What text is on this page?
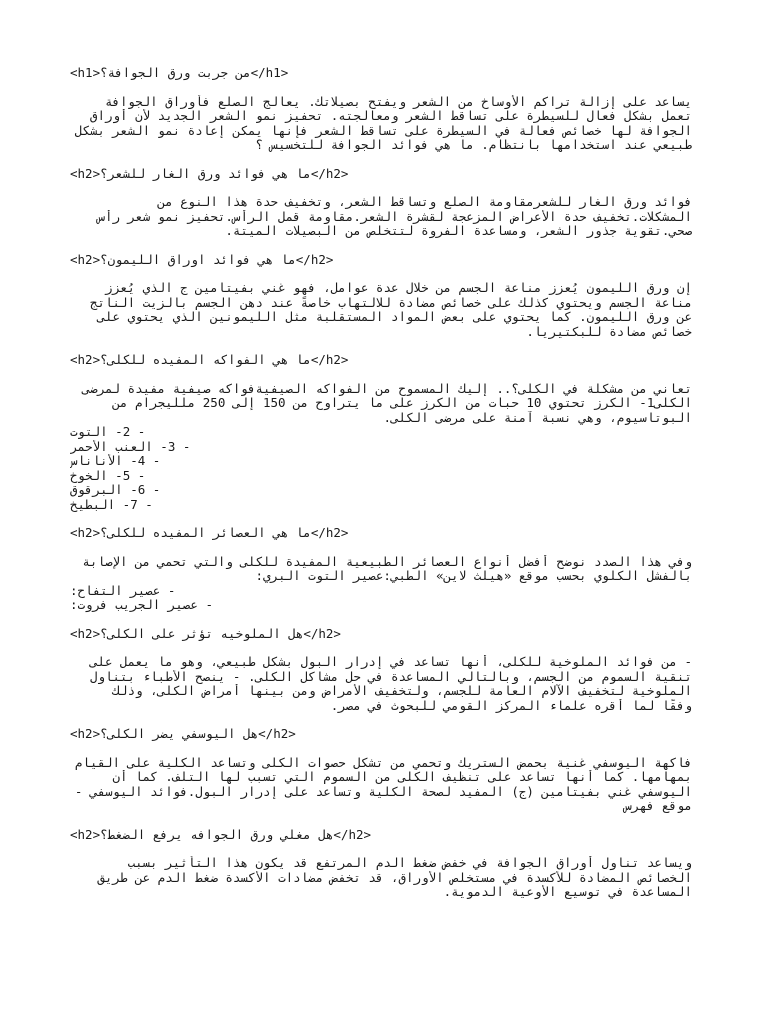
<h1>من جربت ورق الجوافة؟</h1>
يساعد على إزالة تراكم الأوساخ من الشعر ويفتح بصيلاتك. يعالج الصلع فأوراق الجوافة
تعمل بشكل فعال للسيطرة على تساقط الشعر ومعالجته. تحفيز نمو الشعر الجديد لأن أوراق
الجوافة لها خصائص فعالة في السيطرة على تساقط الشعر فإنها يمكن إعادة نمو الشعر بشكل
طبيعي عند استخدامها بانتظام. ما هي فوائد الجوافة للتخسيس ؟
<h2>ما هي فوائد ورق الغار للشعر؟</h2>
فوائد ورق الغار للشعرمقاومة الصلع وتساقط الشعر، وتخفيف حدة هذا النوع من
المشكلات.تخفيف حدة الأعراض المزعجة لقشرة الشعر.مقاومة قمل الرأس.تحفيز نمو شعر رأس
صحي.تقوية جذور الشعر، ومساعدة الفروة لتتخلص من البصيلات الميتة.
<h2>ما هي فوائد اوراق الليمون؟</h2>
إن ورق الليمون يُعزز مناعة الجسم من خلال عدة عوامل، فهو غني بفيتامين ج الذي يُعزز
مناعة الجسم ويحتوي كذلك على خصائص مضادة للالتهاب خاصةً عند دهن الجسم بالزيت الناتج
عن ورق الليمون. كما يحتوي على بعض المواد المستقلبة مثل الليمونين الذي يحتوي على
خصائص مضادة للبكتيريا.
<h2>ما هي الفواكه المفيده للكلى؟</h2>
تعاني من مشكلة في الكلى؟.. إليك المسموح من الفواكه الصيفيةفواكه صيفية مفيدة لمرضى
الكلى1- الكرز تحتوي 10 حبات من الكرز على ما يتراوح من 150 إلى 250 مللیجرام من
البوتاسيوم، وهي نسبة آمنة على مرضى الكلى.
- 2- التوت
- 3- العنب الأحمر
- 4- الأناناس
- 5- الخوخ
- 6- البرقوق
- 7- البطيخ
<h2>ما هي العصائر المفيده للكلى؟</h2>
وفي هذا الصدد نوضح أفضل أنواع العصائر الطبيعية المفيدة للكلى والتي تحمي من الإصابة
بالفشل الكلوي بحسب موقع «هيلث لاين» الطبي:عصير التوت البري:
- عصير التفاح:
- عصير الجريب فروت:
<h2>هل الملوخيه تؤثر على الكلى؟</h2>
- من فوائد الملوخية للكلى، أنها تساعد في إدرار البول بشكل طبيعي، وهو ما يعمل على
تنقية السموم من الجسم، وبالتالي المساعدة في حل مشاكل الكلى. - ينصح الأطباء بتناول
الملوخية لتخفيف الآلام العامة للجسم، ولتخفيف الأمراض ومن بينها أمراض الكلى، وذلك
وفقًا لما أقره علماء المركز القومي للبحوث في مصر.
<h2>هل اليوسفي يضر الكلى؟</h2>
فاكهة اليوسفي غنية بحمض الستريك وتحمي من تشكل حصوات الكلى وتساعد الكلية على القيام
بمهامها. كما أنها تساعد على تنظيف الكلى من السموم التي تسبب لها التلف. كما أن
اليوسفي غني بفيتامين (ج) المفيد لصحة الكلية وتساعد على إدرار البول.فوائد اليوسفي -
موقع فهرس
<h2>هل مغلي ورق الجوافه يرفع الضغط؟</h2>
ويساعد تناول أوراق الجوافة في خفض ضغط الدم المرتفع قد يكون هذا التأثير بسبب
الخصائص المضادة للأكسدة في مستخلص الأوراق، قد تخفض مضادات الأكسدة ضغط الدم عن طريق
المساعدة في توسيع الأوعية الدموية.
